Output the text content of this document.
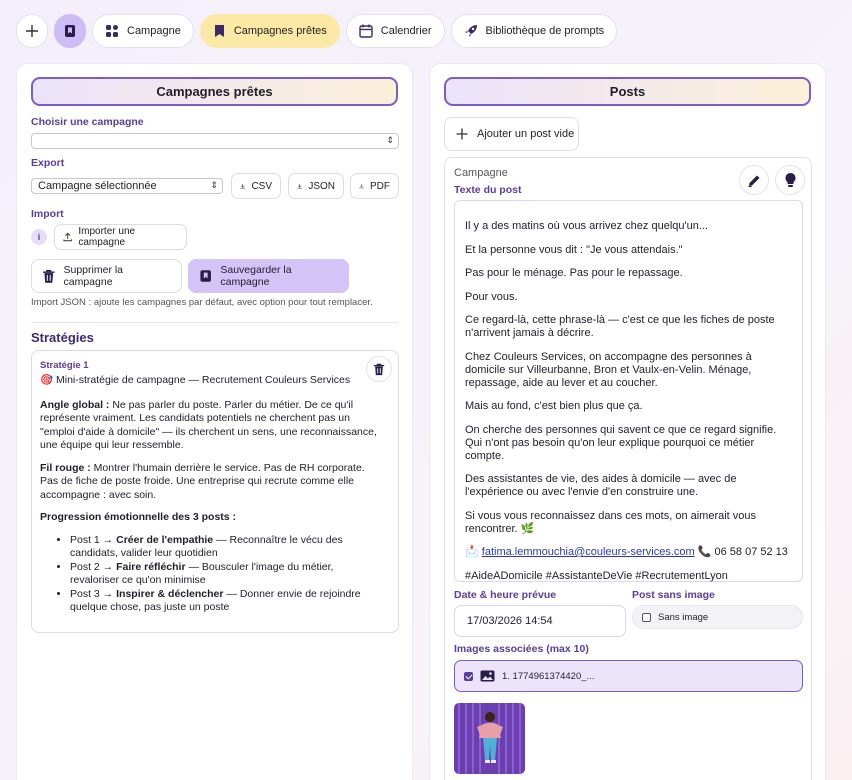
Campagne	Campagnes prêtes	Calendrier	Bibliothèque de prompts
Campagnes prêtes
Choisir une campagne
⇕
Export
Campagne sélectionnée	⇕	CSV	JSON	PDF
Import
i	Importer une campagne
Supprimer la campagne
Sauvegarder la campagne
Import JSON : ajoute les campagnes par défaut, avec option pour tout remplacer.
Stratégies
Stratégie 1

🎯 Mini-stratégie de campagne — Recrutement Couleurs Services

Angle global : Ne pas parler du poste. Parler du métier. De ce qu'il représente vraiment. Les candidats potentiels ne cherchent pas un "emploi d'aide à domicile" — ils cherchent un sens, une reconnaissance, une équipe qui leur ressemble.

Fil rouge : Montrer l'humain derrière le service. Pas de RH corporate. Pas de fiche de poste froide. Une entreprise qui recrute comme elle accompagne : avec soin.

Progression émotionnelle des 3 posts :

• Post 1 → Créer de l'empathie — Reconnaître le vécu des candidats, valider leur quotidien
• Post 2 → Faire réfléchir — Bousculer l'image du métier, revaloriser ce qu'on minimise
• Post 3 → Inspirer & déclencher — Donner envie de rejoindre quelque chose, pas juste un poste
Posts
Ajouter un post vide
Campagne
Texte du post

Il y a des matins où vous arrivez chez quelqu'un...

Et la personne vous dit : "Je vous attendais."

Pas pour le ménage. Pas pour le repassage.

Pour vous.

Ce regard-là, cette phrase-là — c'est ce que les fiches de poste n'arrivent jamais à décrire.

Chez Couleurs Services, on accompagne des personnes à domicile sur Villeurbanne, Bron et Vaulx-en-Velin. Ménage, repassage, aide au lever et au coucher.

Mais au fond, c'est bien plus que ça.

On cherche des personnes qui savent ce que ce regard signifie. Qui n'ont pas besoin qu'on leur explique pourquoi ce métier compte.

Des assistantes de vie, des aides à domicile — avec de l'expérience ou avec l'envie d'en construire une.

Si vous vous reconnaissez dans ces mots, on aimerait vous rencontrer. 🌿

📩 fatima.lemmouchia@couleurs-services.com 📞 06 58 07 52 13

#AideADomicile #AssistanteDeVie #RecrutementLyon

Date & heure prévue
17/03/2026 14:54
Post sans image
Sans image
Images associées (max 10)
1. 1774961374420_...
